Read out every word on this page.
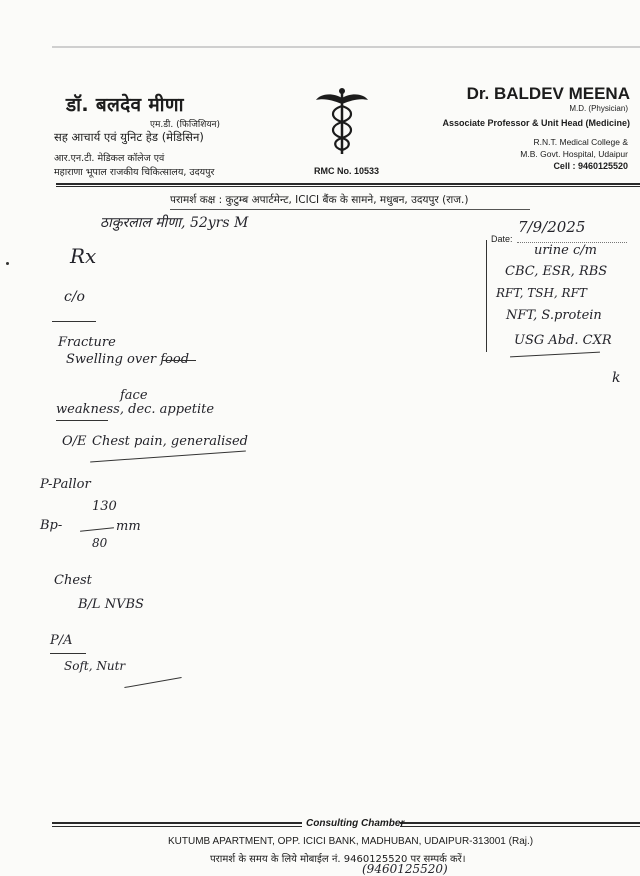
डॉ. बलदेव मीणा
एम.डी. (फिजिशियन)
सह आचार्य एवं युनिट हेड (मेडिसिन)
आर.एन.टी. मेडिकल कॉलेज एवं
महाराणा भूपाल राजकीय चिकित्सालय, उदयपुर	RMC No. 10533
Dr. BALDEV MEENA
M.D. (Physician)
Associate Professor & Unit Head (Medicine)
R.N.T. Medical College &
M.B. Govt. Hospital, Udaipur
Cell : 9460125520
परामर्श कक्ष : कुटुम्ब अपार्टमेन्ट, ICICI बैंक के सामने, मधुबन, उदयपुर (राज.)
Date:
ठाकुरलाल मीणा, 52yrs M	7/9/2025
urine c/m
CBC, ESR, RBS
RFT, TSH, RFT
NFT, S.protein
USG Abd. CXR
k
Rx
c/o
Fracture
Swelling over food
face
weakness, dec. appetite
O/E Chest pain, generalised
P-Pallor
Bp-
130
80
mm
Chest
B/L NVBS
P/A
Soft, Nutr
Consulting Chamber
KUTUMB APARTMENT, OPP. ICICI BANK, MADHUBAN, UDAIPUR-313001 (Raj.)
परामर्श के समय के लिये मोबाईल नं. 9460125520 पर सम्पर्क करें।
(9460125520)
